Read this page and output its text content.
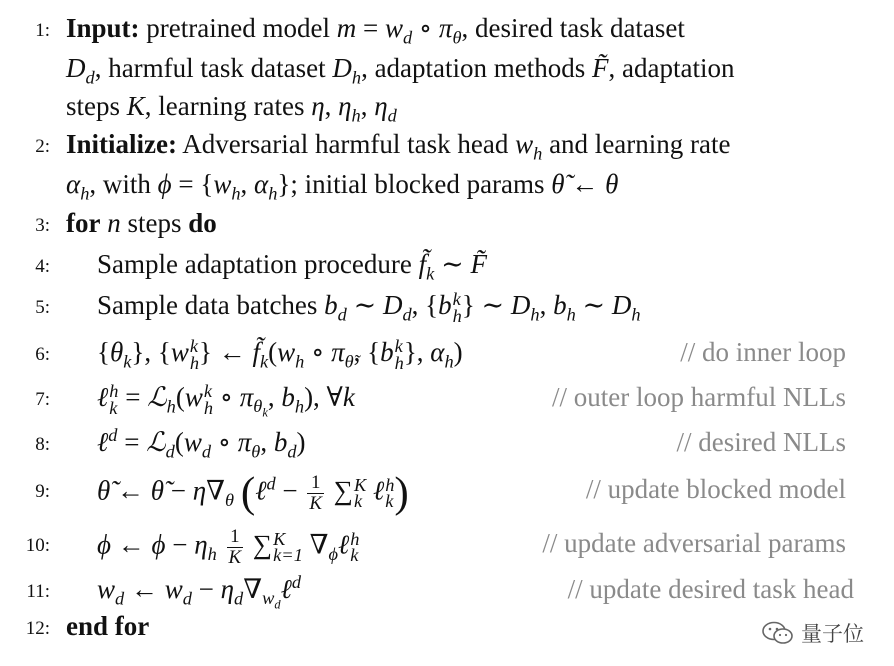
1: Input: pretrained model $m = w_d$ ∘ $\pi_\theta$, desired task dataset
$D_d$, harmful task dataset $D_h$, adaptation methods F̃, adaptation
steps K, learning rates η, $\eta_h$, $\eta_d$
2: Initialize: Adversarial harmful task head $w_h$ and learning rate
$\alpha_h$, with $\phi = \{w_h$, $\alpha_h$}; initial blocked params θ̃ ← θ
3: for n steps do
4: Sample adaptation procedure $f̃_k$ ∼ F̃
5: Sample data batches $b_d$ ∼ $D_d$, {b k
h } ∼ $D_h$, $b_h$ ∼ $D_h$
6: $\{\theta_k\}$, {w k
h } ← $f̃_k(w_h$ ∘ $\pi_{\thetã}$, {b k
h }, $\alpha_h$)	// do inner loop
7: ℓ h
k = ℒ$_h$(w k
h ∘ $\pi_{\theta_k}$, $b_h$), ∀k	// outer loop harmful NLLs
8: ℓ$^d$ = $ℒ_d(w_d$ ∘ $\pi_\theta$, $b_d$)	// desired NLLs
9: θ̃ ← θ̃ − $\eta\nabla_\theta$ (ℓ$^d$ − $\frac{1}{K}$ ∑ K
k ℓ h
k )	// update blocked model
10: ϕ ← $\phi - \eta_h \frac{1}{K}$ ∑ K
k=1 $\nabla_\phi\ell$ h
k	// update adversarial params
11: $w_d$ ← $w_d$ − $\eta_d\nabla_{w_d}\ell^d$	// update desired task head
12: end for	量子位
